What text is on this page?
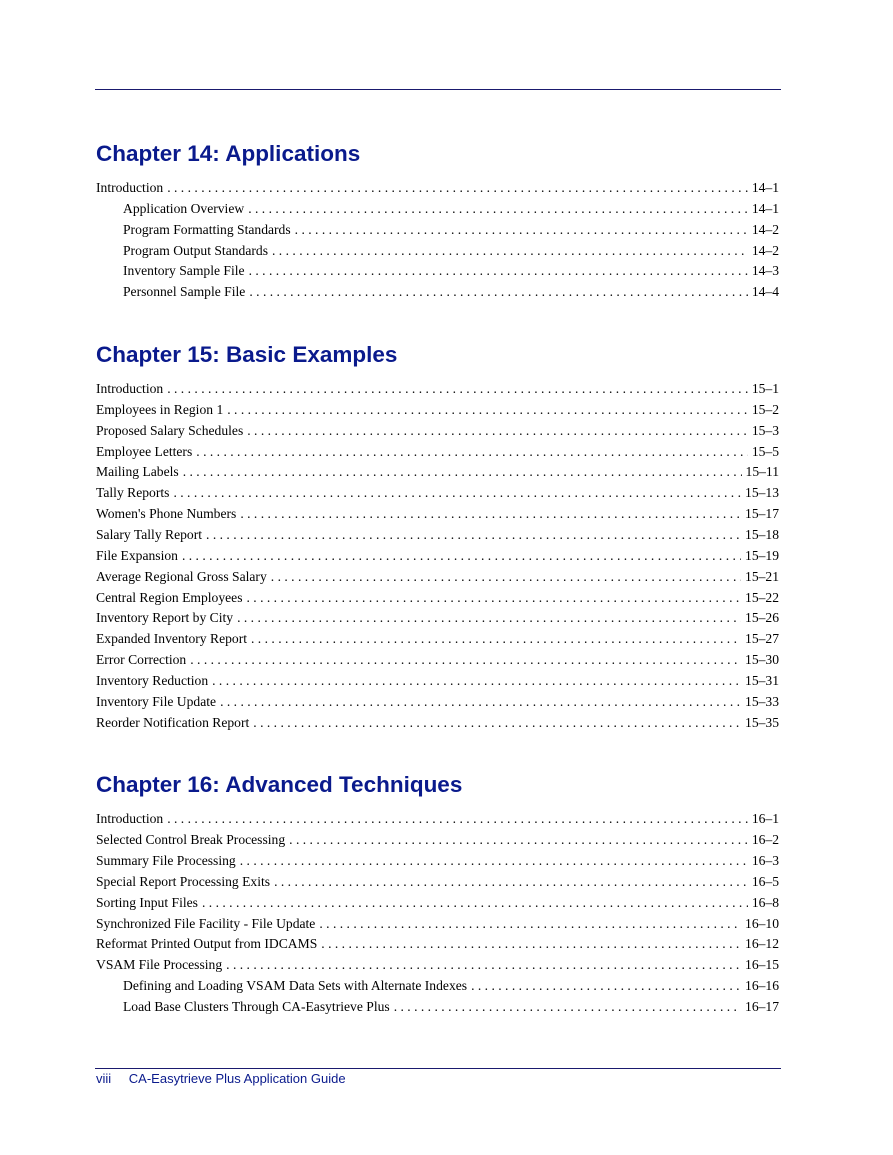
Chapter 14: Applications
Introduction . . .	14–1
Application Overview . . .	14–1
Program Formatting Standards . . .	14–2
Program Output Standards . . .	14–2
Inventory Sample File . . .	14–3
Personnel Sample File . . .	14–4
Chapter 15: Basic Examples
Introduction . . .	15–1
Employees in Region 1 . . .	15–2
Proposed Salary Schedules . . .	15–3
Employee Letters . . .	15–5
Mailing Labels . . .	15–11
Tally Reports . . .	15–13
Women's Phone Numbers . . .	15–17
Salary Tally Report . . .	15–18
File Expansion . . .	15–19
Average Regional Gross Salary . . .	15–21
Central Region Employees . . .	15–22
Inventory Report by City . . .	15–26
Expanded Inventory Report . . .	15–27
Error Correction . . .	15–30
Inventory Reduction . . .	15–31
Inventory File Update . . .	15–33
Reorder Notification Report . . .	15–35
Chapter 16: Advanced Techniques
Introduction . . .	16–1
Selected Control Break Processing . . .	16–2
Summary File Processing . . .	16–3
Special Report Processing Exits . . .	16–5
Sorting Input Files . . .	16–8
Synchronized File Facility - File Update . . .	16–10
Reformat Printed Output from IDCAMS . . .	16–12
VSAM File Processing . . .	16–15
Defining and Loading VSAM Data Sets with Alternate Indexes . . .	16–16
Load Base Clusters Through CA-Easytrieve Plus . . .	16–17
viii CA-Easytrieve Plus Application Guide
